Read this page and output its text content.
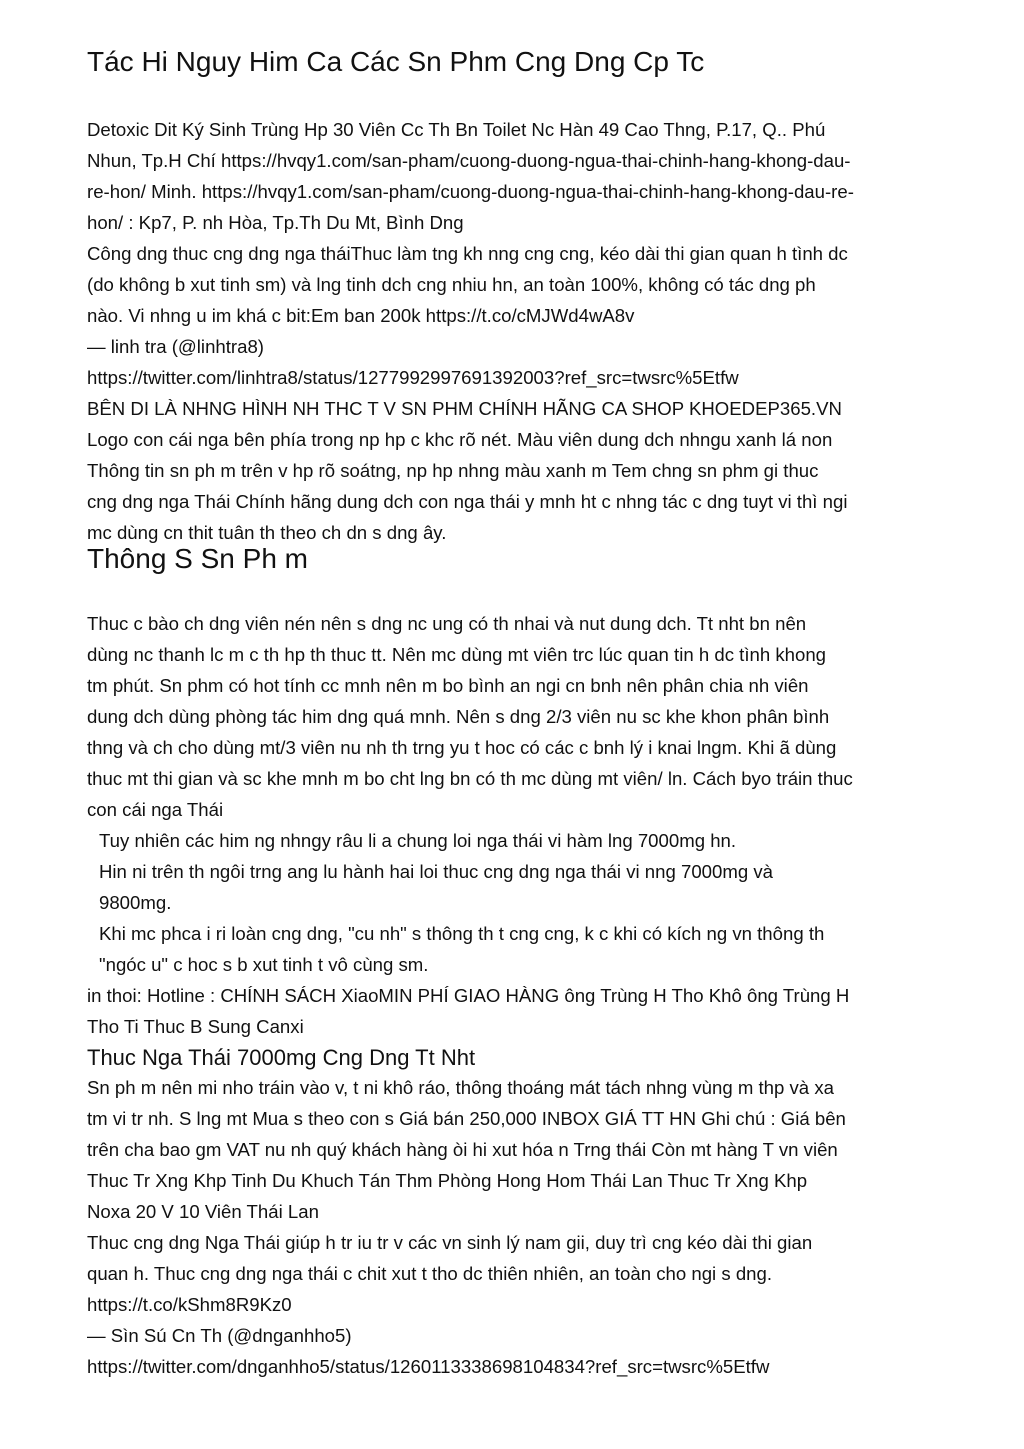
Tác Hi Nguy Him Ca Các Sn Phm Cng Dng Cp Tc
Detoxic Dit Ký Sinh Trùng Hp 30 Viên Cc Th Bn Toilet Nc Hàn 49 Cao Thng, P.17, Q.. Phú
Nhun, Tp.H Chí https://hvqy1.com/san-pham/cuong-duong-ngua-thai-chinh-hang-khong-dau-
re-hon/ Minh. https://hvqy1.com/san-pham/cuong-duong-ngua-thai-chinh-hang-khong-dau-re-
hon/ : Kp7, P. nh Hòa, Tp.Th Du Mt, Bình Dng
Công dng thuc cng dng nga tháiThuc làm tng kh nng cng cng, kéo dài thi gian quan h tình dc
(do không b xut tinh sm) và lng tinh dch cng nhiu hn, an toàn 100%, không có tác dng ph
nào. Vi nhng u im khá c bit:Em ban 200k https://t.co/cMJWd4wA8v
— linh tra (@linhtra8)
https://twitter.com/linhtra8/status/1277992997691392003?ref_src=twsrc%5Etfw
BÊN DI LÀ NHNG HÌNH NH THC T V SN PHM CHÍNH HÃNG CA SHOP KHOEDEP365.VN
Logo con cái nga bên phía trong np hp c khc rõ nét. Màu viên dung dch nhngu xanh lá non
Thông tin sn ph m trên v hp rõ soátng, np hp nhng màu xanh m Tem chng sn phm gi thuc
cng dng nga Thái Chính hãng dung dch con nga thái y mnh ht c nhng tác c dng tuyt vi thì ngi
mc dùng cn thit tuân th theo ch dn s dng ây.
Thông S Sn Ph m
Thuc c bào ch dng viên nén nên s dng nc ung có th nhai và nut dung dch. Tt nht bn nên
dùng nc thanh lc m c th hp th thuc tt. Nên mc dùng mt viên trc lúc quan tin h dc tình khong
tm phút. Sn phm có hot tính cc mnh nên m bo bình an ngi cn bnh nên phân chia nh viên
dung dch dùng phòng tác him dng quá mnh. Nên s dng 2/3 viên nu sc khe khon phân bình
thng và ch cho dùng mt/3 viên nu nh th trng yu t hoc có các c bnh lý i knai lngm. Khi ã dùng
thuc mt thi gian và sc khe mnh m bo cht lng bn có th mc dùng mt viên/ ln. Cách byo tráin thuc
con cái nga Thái
Tuy nhiên các him ng nhngy râu li a chung loi nga thái vi hàm lng 7000mg hn.
Hin ni trên th ngôi trng ang lu hành hai loi thuc cng dng nga thái vi nng 7000mg và
9800mg.
Khi mc phca i ri loàn cng dng, "cu nh" s thông th t cng cng, k c khi có kích ng vn thông th
"ngóc u" c hoc s b xut tinh t vô cùng sm.
in thoi: Hotline : CHÍNH SÁCH XiaoMIN PHÍ GIAO HÀNG ông Trùng H Tho Khô ông Trùng H
Tho Ti Thuc B Sung Canxi
Thuc Nga Thái 7000mg Cng Dng Tt Nht
Sn ph m nên mi nho tráin vào v, t ni khô ráo, thông thoáng mát tách nhng vùng m thp và xa
tm vi tr nh. S lng mt Mua s theo con s Giá bán 250,000 INBOX GIÁ TT HN Ghi chú : Giá bên
trên cha bao gm VAT nu nh quý khách hàng òi hi xut hóa n Trng thái Còn mt hàng T vn viên
Thuc Tr Xng Khp Tinh Du Khuch Tán Thm Phòng Hong Hom Thái Lan Thuc Tr Xng Khp
Noxa 20 V 10 Viên Thái Lan
Thuc cng dng Nga Thái giúp h tr iu tr v các vn sinh lý nam gii, duy trì cng kéo dài thi gian
quan h. Thuc cng dng nga thái c chit xut t tho dc thiên nhiên, an toàn cho ngi s dng.
https://t.co/kShm8R9Kz0
— Sìn Sú Cn Th (@dnganhho5)
https://twitter.com/dnganhho5/status/1260113338698104834?ref_src=twsrc%5Etfw
